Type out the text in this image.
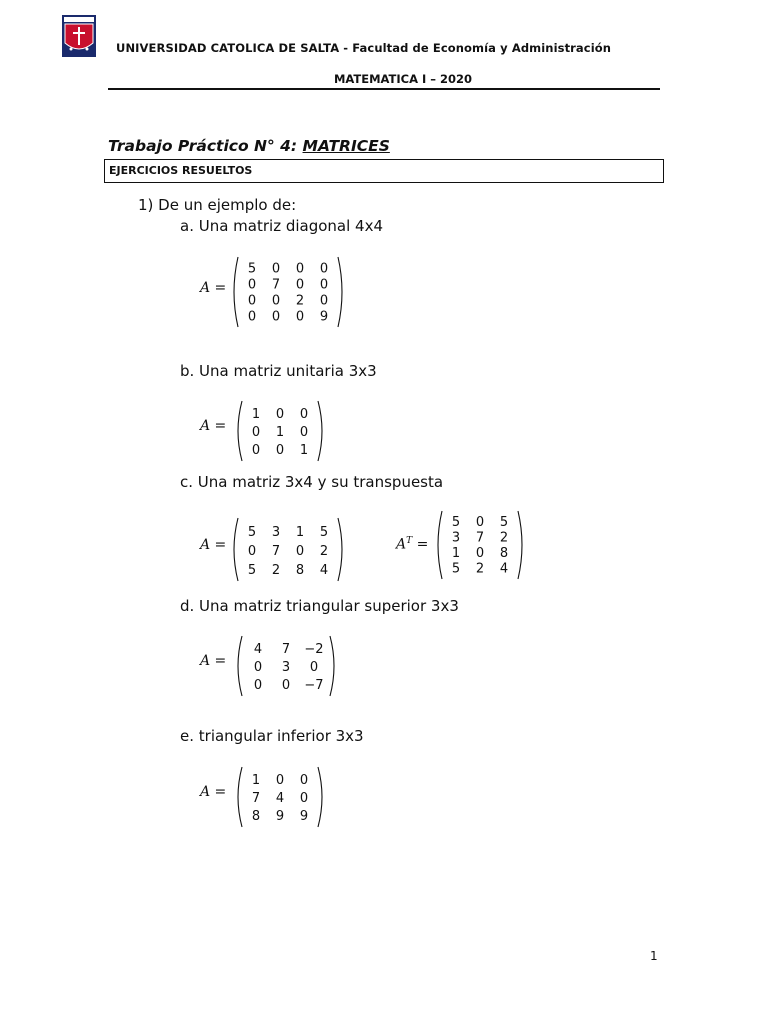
UNIVERSIDAD CATOLICA DE SALTA - Facultad de Economía y Administración
MATEMATICA I – 2020
Trabajo Práctico N° 4: MATRICES
EJERCICIOS RESUELTOS
1) De un ejemplo de:
a. Una matriz diagonal 4x4
A =
5 0 0 0
0 7 0 0
0 0 2 0
0 0 0 9
b. Una matriz unitaria 3x3
A =
1 0 0
0 1 0
0 0 1
c. Una matriz 3x4 y su transpuesta
A =
5 3 1 5
0 7 0 2
5 2 8 4
$A^T$ =
5 0 5
3 7 2
1 0 8
5 2 4
d. Una matriz triangular superior 3x3
A =
4 7 −2
0 3 0
0 0 −7
e. triangular inferior 3x3
A =
1 0 0
7 4 0
8 9 9
1
